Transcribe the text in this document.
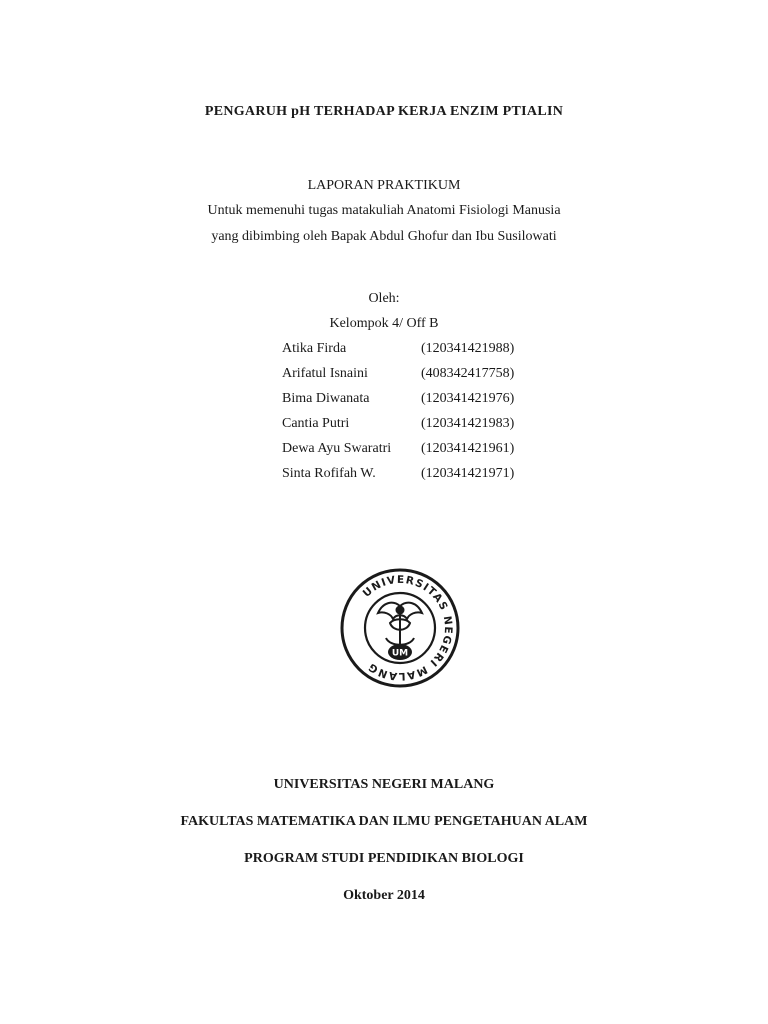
PENGARUH pH TERHADAP KERJA ENZIM PTIALIN
LAPORAN PRAKTIKUM
Untuk memenuhi tugas matakuliah Anatomi Fisiologi Manusia
yang dibimbing oleh Bapak Abdul Ghofur dan Ibu Susilowati
Oleh:
Kelompok 4/ Off B
Atika Firda	(120341421988)
Arifatul Isnaini	(408342417758)
Bima Diwanata	(120341421976)
Cantia Putri	(120341421983)
Dewa Ayu Swaratri (120341421961)
Sinta Rofifah W.	(120341421971)
UNIVERSITAS NEGERI MALANG
UM
UNIVERSITAS NEGERI MALANG
FAKULTAS MATEMATIKA DAN ILMU PENGETAHUAN ALAM
PROGRAM STUDI PENDIDIKAN BIOLOGI
Oktober 2014
